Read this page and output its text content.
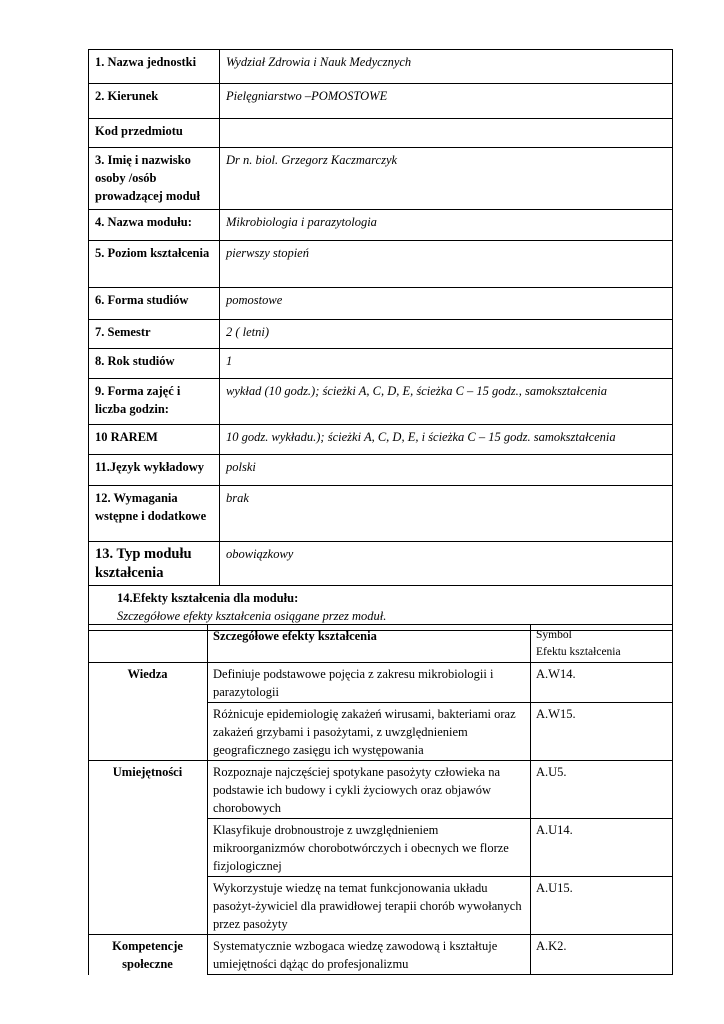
1. Nazwa jednostki	Wydział Zdrowia i Nauk Medycznych
2. Kierunek	Pielęgniarstwo –POMOSTOWE
Kod przedmiotu	
3. Imię i nazwisko osoby /osób prowadzącej moduł	Dr n. biol. Grzegorz Kaczmarczyk
4. Nazwa modułu:	Mikrobiologia i parazytologia
5. Poziom kształcenia	pierwszy stopień
6. Forma studiów	pomostowe
7. Semestr	2 ( letni)
8. Rok studiów	1
9. Forma zajęć i liczba godzin:	wykład (10 godz.); ścieżki A, C, D, E, ścieżka C – 15 godz., samokształcenia
10 RAREM	10 godz. wykładu.); ścieżki A, C, D, E, i ścieżka C – 15 godz. samokształcenia
11.Język wykładowy	polski
12. Wymagania wstępne i dodatkowe	brak
13. Typ modułu kształcenia	obowiązkowy

14.Efekty kształcenia dla modułu:
Szczegółowe efekty kształcenia osiągane przez moduł.	
	Szczegółowe efekty kształcenia	Symbol
Efektu kształcenia
Wiedza	Definiuje podstawowe pojęcia z zakresu mikrobiologii i parazytologii	A.W14.
	Różnicuje epidemiologię zakażeń wirusami, bakteriami oraz zakażeń grzybami i pasożytami, z uwzględnieniem geograficznego zasięgu ich występowania	A.W15.
Umiejętności	Rozpoznaje najczęściej spotykane pasożyty człowieka na podstawie ich budowy i cykli życiowych oraz objawów chorobowych	A.U5.
	Klasyfikuje drobnoustroje z uwzględnieniem mikroorganizmów chorobotwórczych i obecnych we florze fizjologicznej	A.U14.
	Wykorzystuje wiedzę na temat funkcjonowania układu pasożyt-żywiciel dla prawidłowej terapii chorób wywołanych przez pasożyty	A.U15.
Kompetencje społeczne	Systematycznie wzbogaca wiedzę zawodową i kształtuje umiejętności dążąc do profesjonalizmu	A.K2.
